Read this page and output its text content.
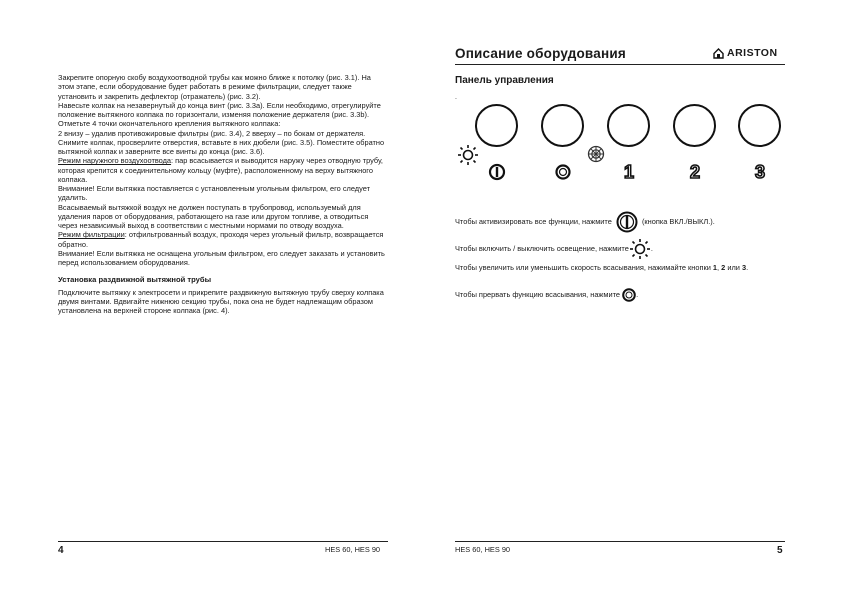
Закрепите опорную скобу воздухоотводной трубы как можно ближе к потолку (рис. 3.1). На этом этапе, если оборудование будет работать в режиме фильтрации, следует также установить и закрепить дефлектор (отражатель) (рис. 3.2).

Навесьте колпак на незавернутый до конца винт (рис. 3.3a). Если необходимо, отрегулируйте положение вытяжного колпака по горизонтали, изменяя положение держателя (рис. 3.3b).

Отметьте 4 точки окончательного крепления вытяжного колпака:

2 внизу – удалив противожировые фильтры (рис. 3.4), 2 вверху – по бокам от держателя.

Снимите колпак, просверлите отверстия, вставьте в них дюбели (рис. 3.5). Поместите обратно вытяжной колпак и заверните все винты до конца (рис. 3.6).

Режим наружного воздухоотвода: пар всасывается и выводится наружу через отводную трубу, которая крепится к соединительному кольцу (муфте), расположенному на верху вытяжного колпака.

Внимание! Если вытяжка поставляется с установленным угольным фильтром, его следует удалить.

Всасываемый вытяжкой воздух не должен поступать в трубопровод, используемый для удаления паров от оборудования, работающего на газе или другом топливе, а отводиться через независимый выход в соответствии с местными нормами по отводу воздуха.

Режим фильтрации: отфильтрованный воздух, проходя через угольный фильтр, возвращается обратно.

Внимание! Если вытяжка не оснащена угольным фильтром, его следует заказать и установить перед использованием оборудования.

Установка раздвижной вытяжной трубы

Подключите вытяжку к электросети и прикрепите раздвижную вытяжную трубу сверху колпака двумя винтами. Вдвигайте нижнюю секцию трубы, пока она не будет надлежащим образом установлена на верхней стороне колпака (рис. 4).

4	HES 60, HES 90
Описание оборудования	ARISTON
Панель управления
.
1	2	3
Чтобы активизировать все функции, нажмите	(кнопка ВКЛ./ВЫКЛ.).
Чтобы включить / выключить освещение, нажмите	.
Чтобы увеличить или уменьшить скорость всасывания, нажимайте кнопки 1, 2 или 3.
Чтобы прервать функцию всасывания, нажмите .
HES 60, HES 90	5
